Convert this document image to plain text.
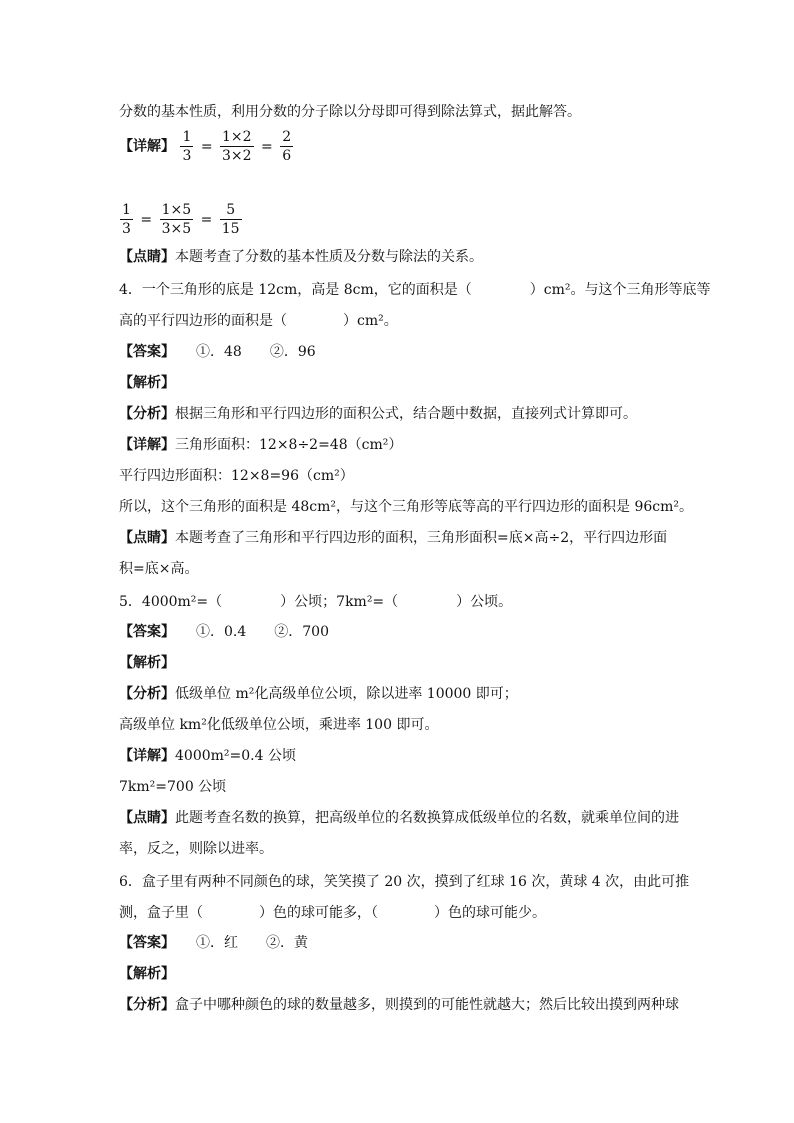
分数的基本性质，利用分数的分子除以分母即可得到除法算式，据此解答。
【详解】 $\frac{1}{3} = \frac{1\times 2}{3\times 2} = \frac{2}{6}$
$\frac{1}{3} = \frac{1\times 5}{3\times 5} = \frac{5}{15}$
【点睛】本题考查了分数的基本性质及分数与除法的关系。
4．一个三角形的底是 12cm，高是 8cm，它的面积是（	）cm²。与这个三角形等底等
高的平行四边形的面积是（	）cm²。
【答案】　　①．48　　②．96
【解析】
【分析】根据三角形和平行四边形的面积公式，结合题中数据，直接列式计算即可。
【详解】三角形面积：12×8÷2=48（cm²）
平行四边形面积：12×8=96（cm²）
所以，这个三角形的面积是 48cm²，与这个三角形等底等高的平行四边形的面积是 96cm²。
【点睛】本题考查了三角形和平行四边形的面积，三角形面积=底×高÷2，平行四边形面
积=底×高。
5．4000m²=（	）公顷；7km²=（	）公顷。
【答案】　　①．0.4　　②．700
【解析】
【分析】低级单位 m²化高级单位公顷，除以进率 10000 即可；
高级单位 km²化低级单位公顷，乘进率 100 即可。
【详解】4000m²=0.4 公顷
7km²=700 公顷
【点睛】此题考查名数的换算，把高级单位的名数换算成低级单位的名数，就乘单位间的进
率，反之，则除以进率。
6．盒子里有两种不同颜色的球，笑笑摸了 20 次，摸到了红球 16 次，黄球 4 次，由此可推
测，盒子里（	）色的球可能多，（	）色的球可能少。
【答案】　　①．红　　②．黄
【解析】
【分析】盒子中哪种颜色的球的数量越多，则摸到的可能性就越大；然后比较出摸到两种球
